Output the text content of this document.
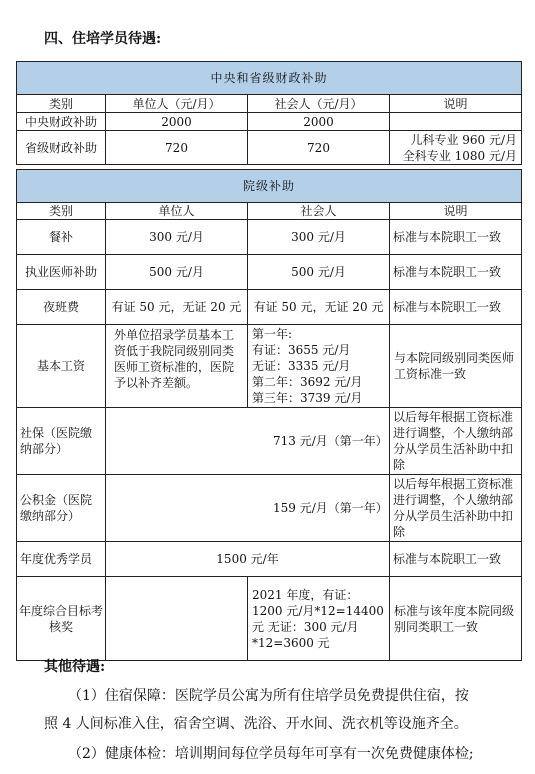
四、住培学员待遇:
中央和省级财政补助			
类别	单位人（元/月）	社会人（元/月）	说明
中央财政补助	2000	2000	
省级财政补助	720	720	儿科专业 960 元/月
全科专业 1080 元/月
院级补助			
类别	单位人	社会人	说明
餐补	300 元/月	300 元/月	标准与本院职工一致
执业医师补助	500 元/月	500 元/月	标准与本院职工一致
夜班费	有证 50 元，无证 20 元	有证 50 元，无证 20 元	标准与本院职工一致
基本工资	外单位招录学员基本工资低于我院同级别同类医师工资标准的，医院予以补齐差额。	第一年:
有证：3655 元/月
无证：3335 元/月
第二年：3692 元/月
第三年：3739 元/月	与本院同级别同类医师工资标准一致
社保（医院缴纳部分）	713 元/月（第一年）		以后每年根据工资标准进行调整，个人缴纳部分从学员生活补助中扣除
公积金（医院缴纳部分）	159 元/月（第一年）		以后每年根据工资标准进行调整，个人缴纳部分从学员生活补助中扣除
年度优秀学员	1500 元/年		标准与本院职工一致
年度综合目标考核奖		2021 年度，有证：1200 元/月*12=14400 元 无证：300 元/月*12=3600 元	标准与该年度本院同级别同类职工一致
其他待遇:
（1）住宿保障：医院学员公寓为所有住培学员免费提供住宿，按
照 4 人间标准入住，宿舍空调、洗浴、开水间、洗衣机等设施齐全。
（2）健康体检：培训期间每位学员每年可享有一次免费健康体检;
